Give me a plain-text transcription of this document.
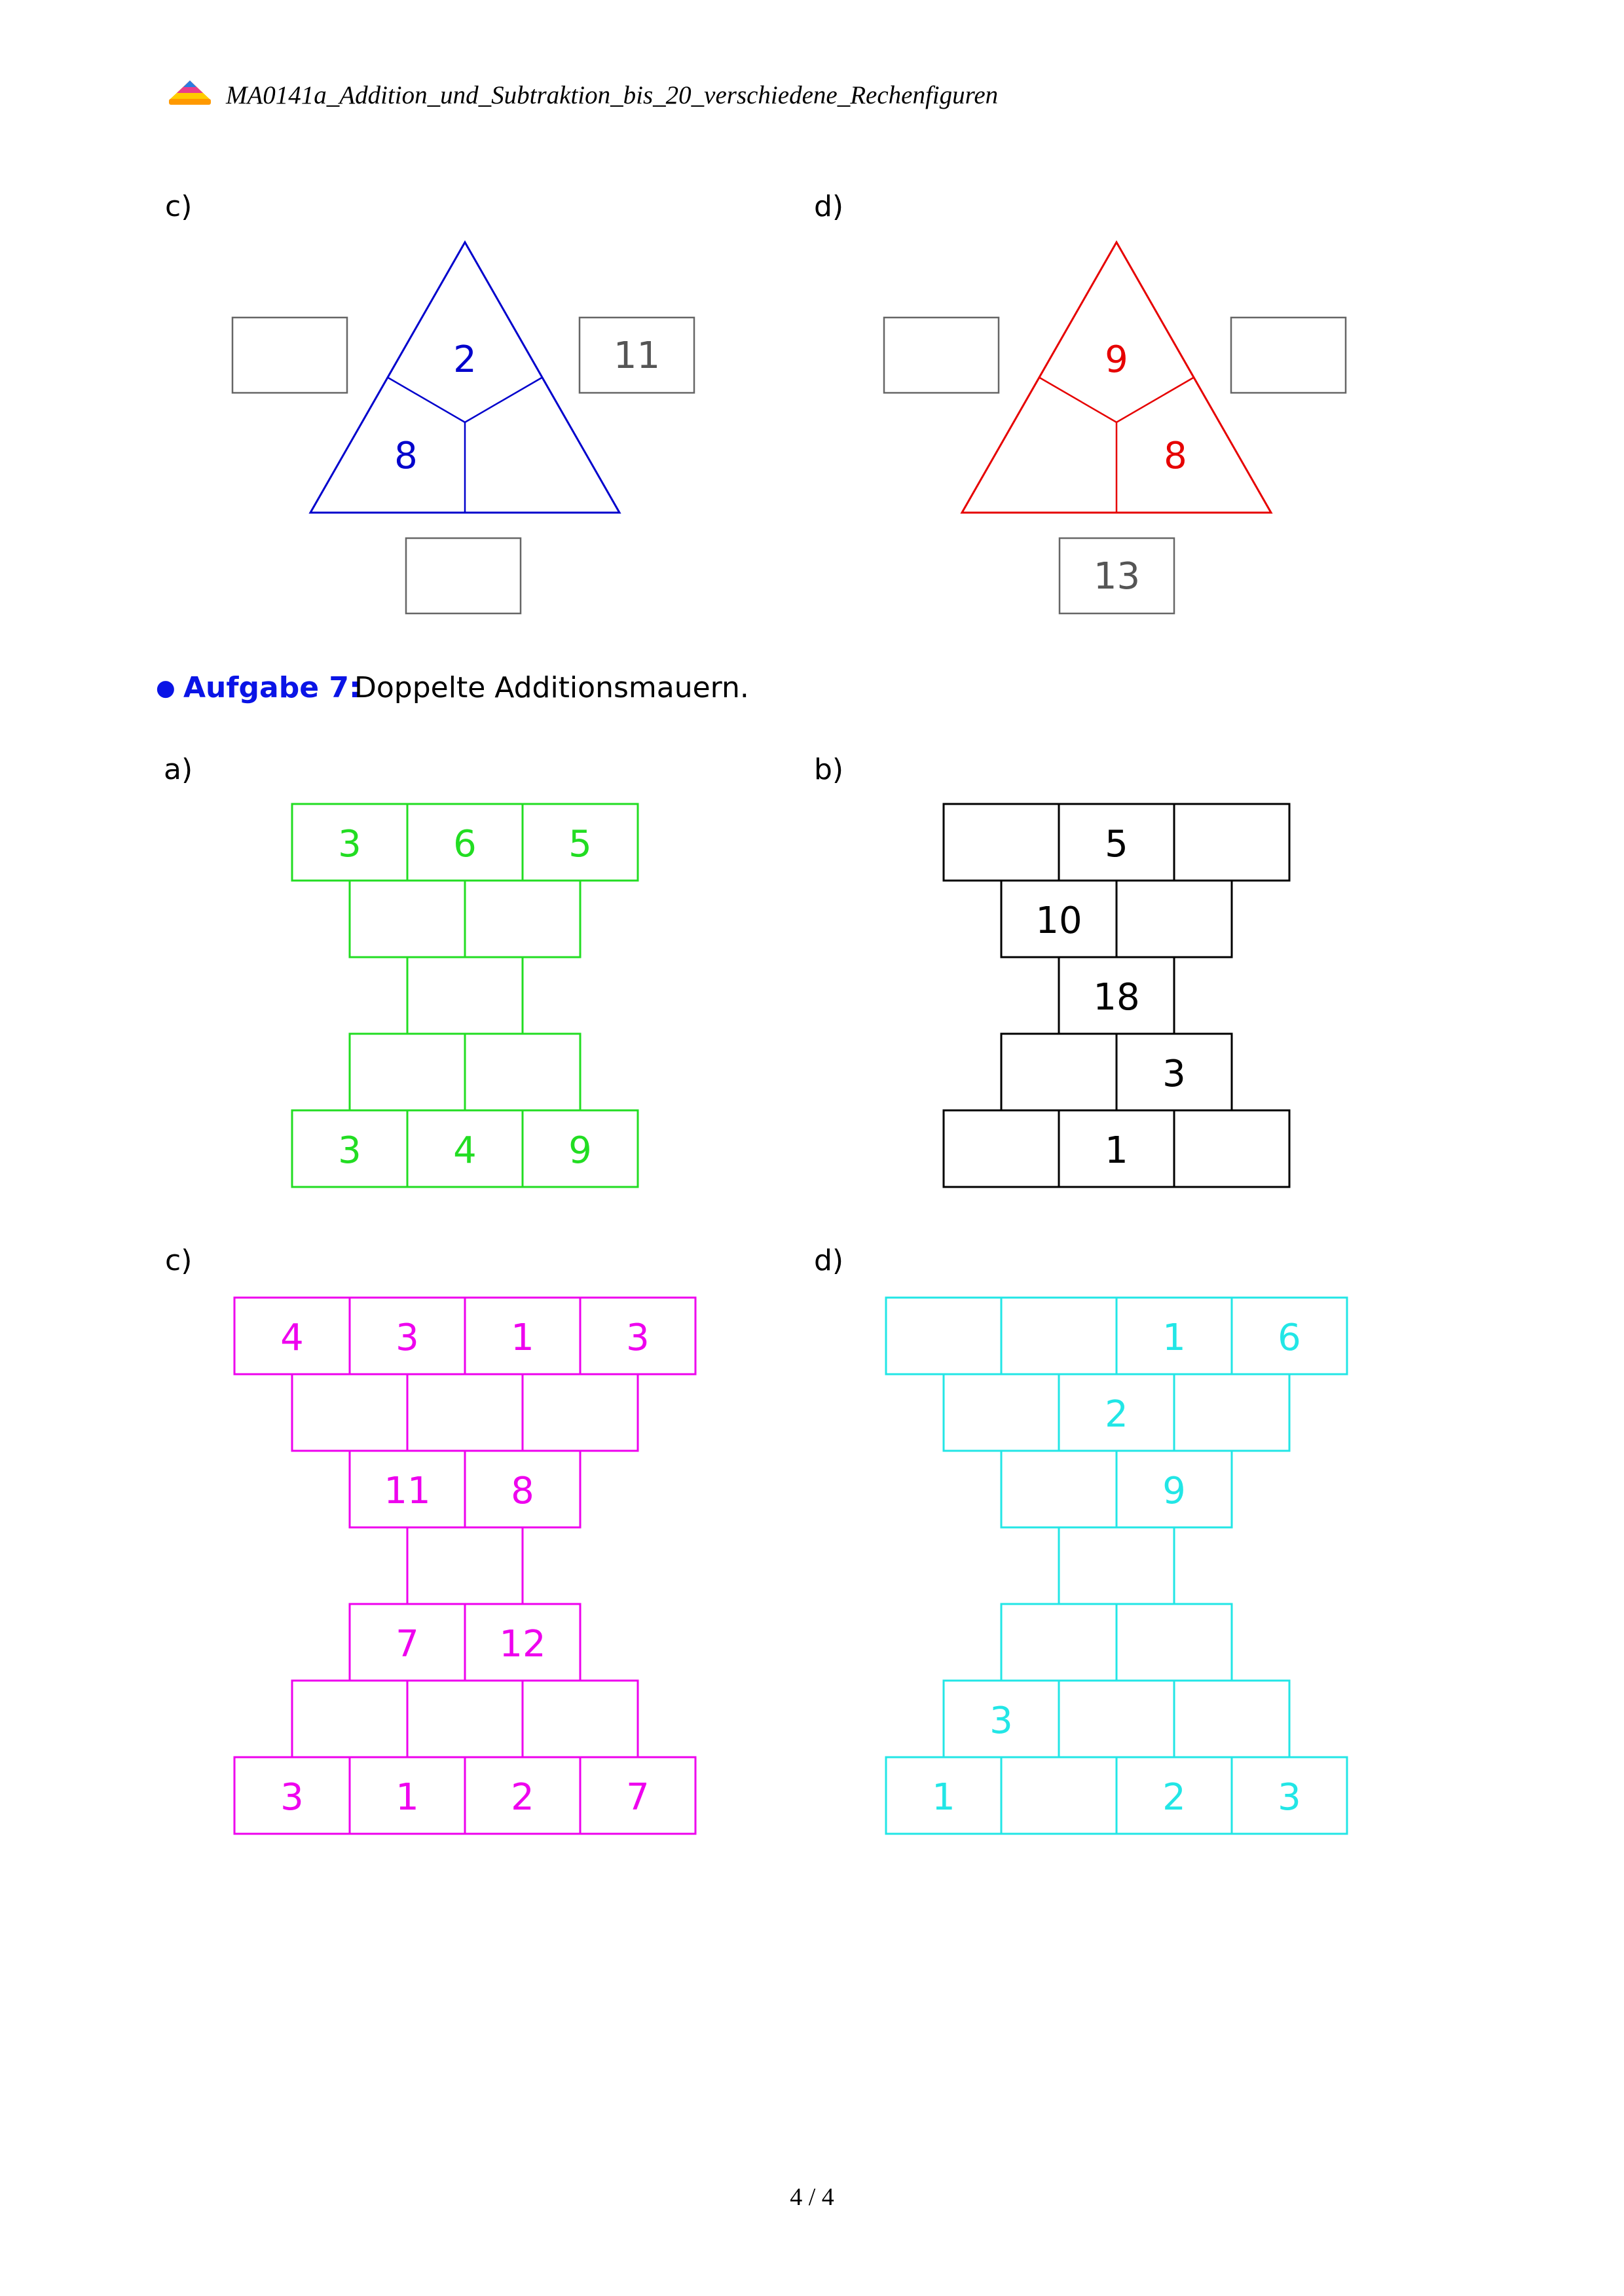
MA0141a_Addition_und_Subtraktion_bis_20_verschiedene_Rechenfiguren
c)	d)
2
8
11	9
8
13
● Aufgabe 7:
Doppelte Additionsmauern.
a)	b)
c)	d)
3	6	5
3	4	9
5
10
18
3
1
4	3	1	3
11 8
7 12
3	1	2	7
1	6
2
9
3
1	2	3
4 / 4
